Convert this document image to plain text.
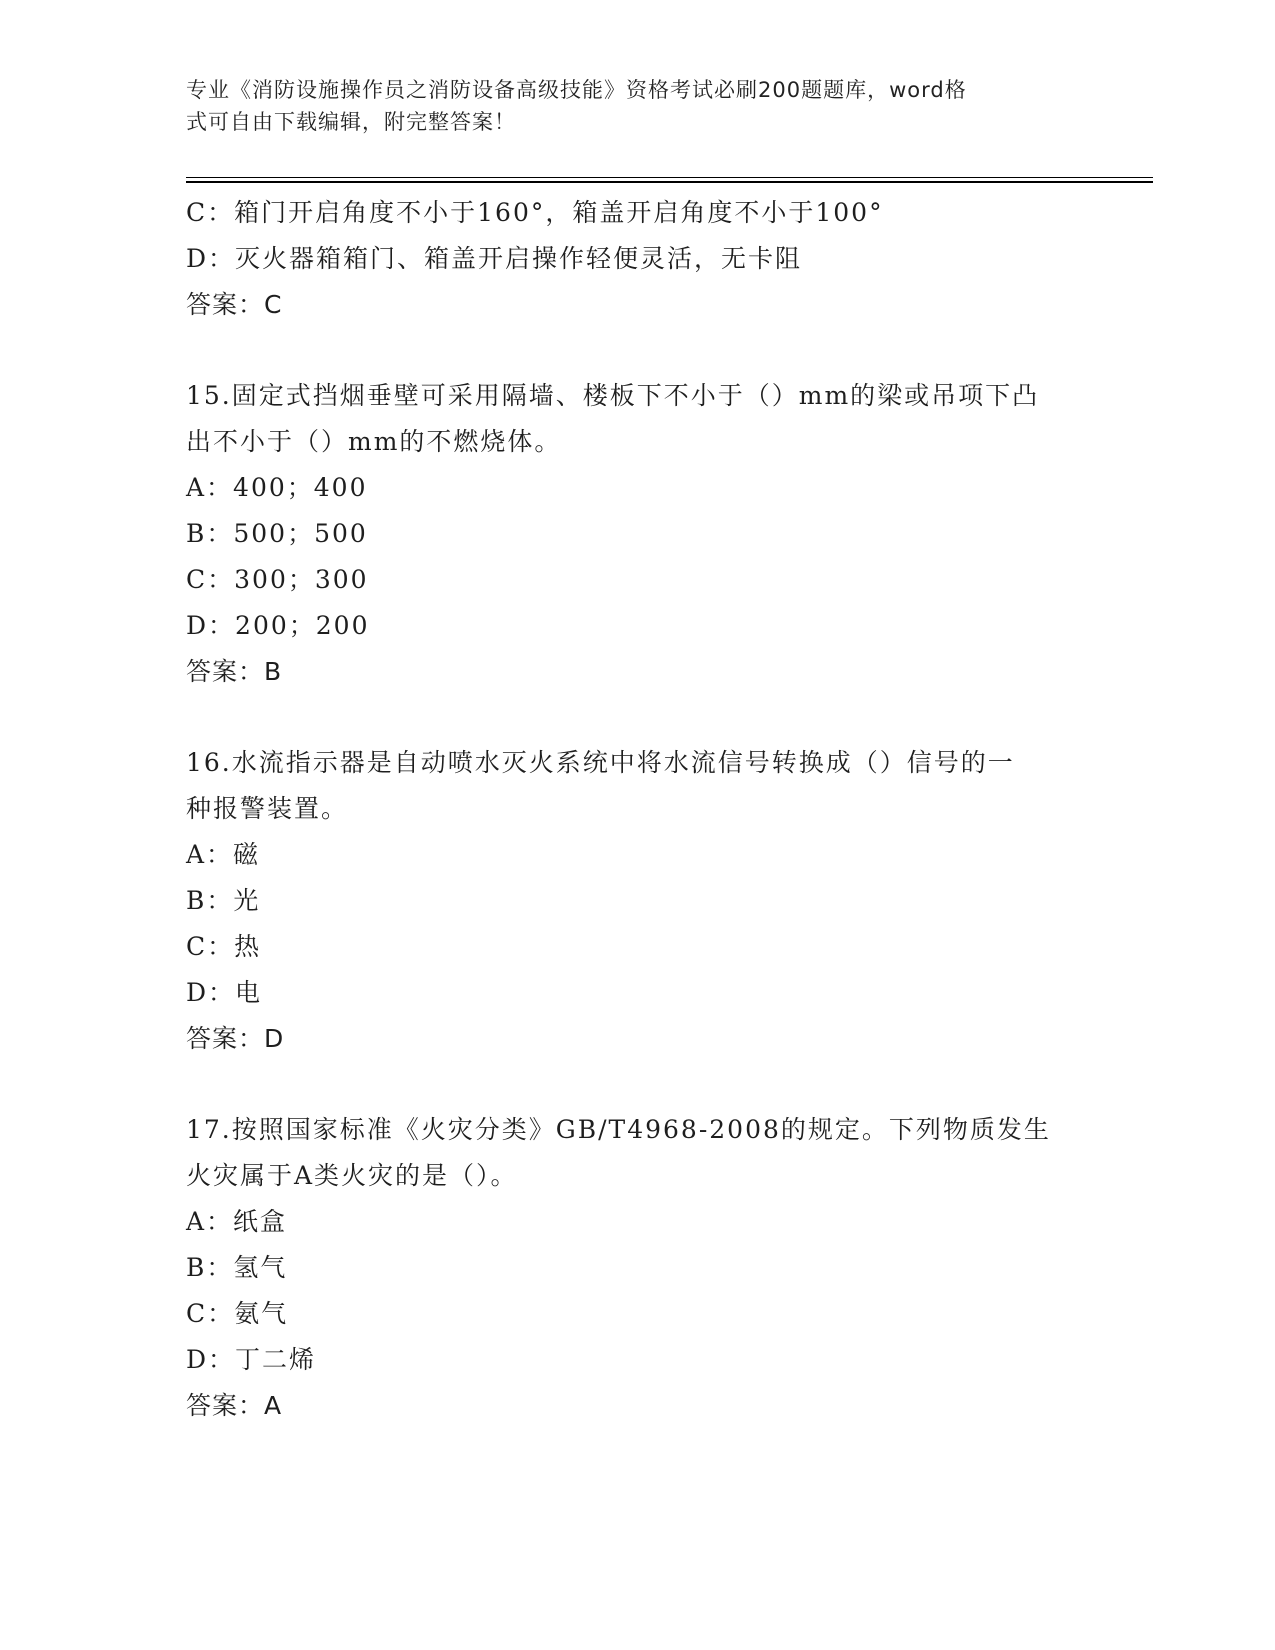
专业《消防设施操作员之消防设备高级技能》资格考试必刷200题题库，word格
式可自由下载编辑，附完整答案！
C：箱门开启角度不小于160°，箱盖开启角度不小于100°
D：灭火器箱箱门、箱盖开启操作轻便灵活，无卡阻
答案：C
15.固定式挡烟垂壁可采用隔墙、楼板下不小于（）mm的梁或吊项下凸
出不小于（）mm的不燃烧体。
A：400；400
B：500；500
C：300；300
D：200；200
答案：B
16.水流指示器是自动喷水灭火系统中将水流信号转换成（）信号的一
种报警装置。
A：磁
B：光
C：热
D：电
答案：D
17.按照国家标准《火灾分类》GB/T4968-2008的规定。下列物质发生
火灾属于A类火灾的是（）。
A：纸盒
B：氢气
C：氨气
D：丁二烯
答案：A
